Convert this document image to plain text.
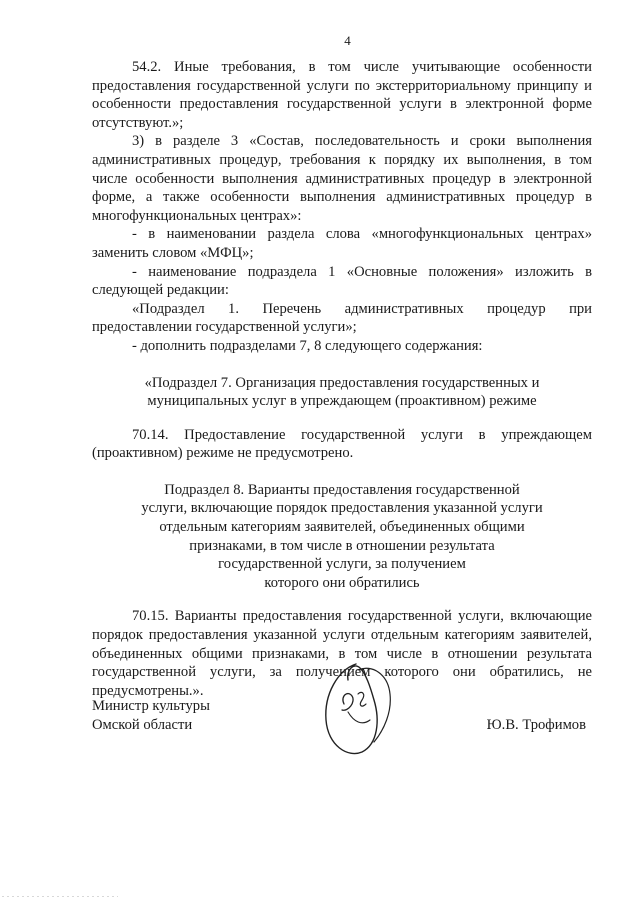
4

54.2. Иные требования, в том числе учитывающие особенности предоставления государственной услуги по экстерриториальному принципу и особенности предоставления государственной услуги в электронной форме отсутствуют.»;

3) в разделе 3 «Состав, последовательность и сроки выполнения административных процедур, требования к порядку их выполнения, в том числе особенности выполнения административных процедур в электронной форме, а также особенности выполнения административных процедур в многофункциональных центрах»:

- в наименовании раздела слова «многофункциональных центрах» заменить словом «МФЦ»;

- наименование подраздела 1 «Основные положения» изложить в следующей редакции:

«Подраздел 1. Перечень административных процедур при предоставлении государственной услуги»;

- дополнить подразделами 7, 8 следующего содержания:

«Подраздел 7. Организация предоставления государственных и
муниципальных услуг в упреждающем (проактивном) режиме

70.14. Предоставление государственной услуги в упреждающем (проактивном) режиме не предусмотрено.

Подраздел 8. Варианты предоставления государственной
услуги, включающие порядок предоставления указанной услуги
отдельным категориям заявителей, объединенных общими
признаками, в том числе в отношении результата
государственной услуги, за получением
которого они обратились

70.15. Варианты предоставления государственной услуги, включающие порядок предоставления указанной услуги отдельным категориям заявителей, объединенных общими признаками, в том числе в отношении результата государственной услуги, за получением которого они обратились, не предусмотрены.».

Министр культуры
Омской области	Ю.В. Трофимов
